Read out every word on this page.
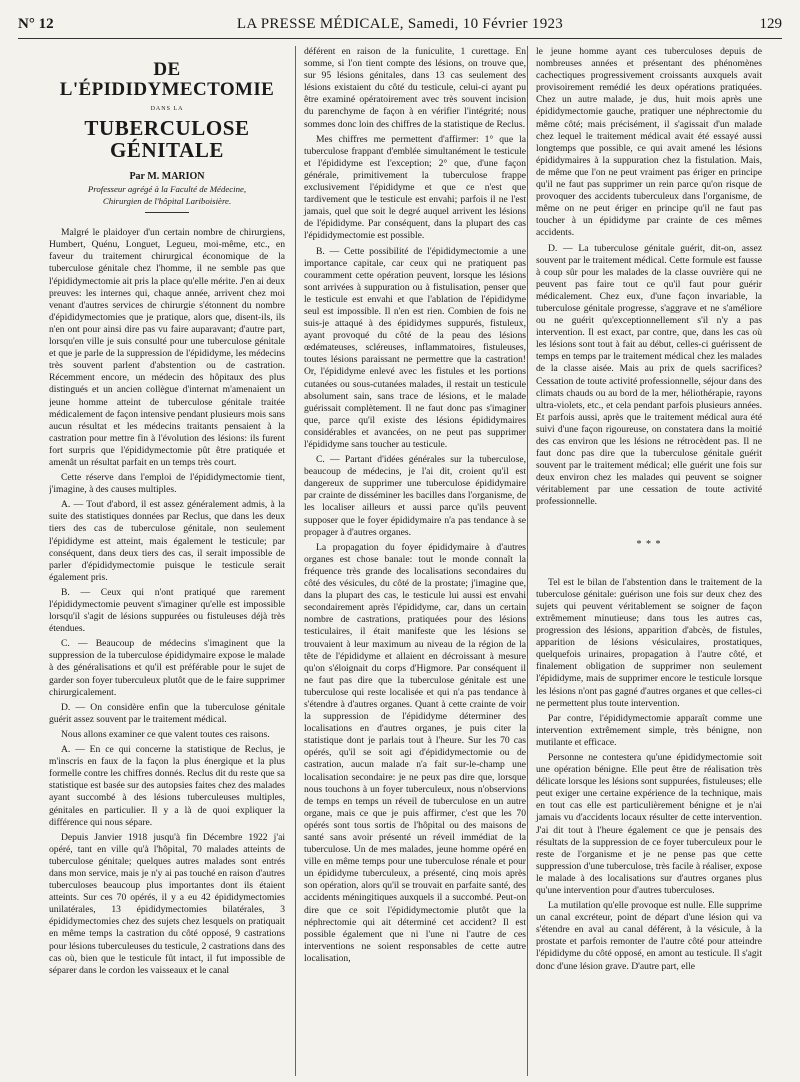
N° 12	LA PRESSE MÉDICALE, Samedi, 10 Février 1923	129
DE L'ÉPIDIDYMECTOMIE
DANS LA
TUBERCULOSE GÉNITALE
Par M. MARION
Professeur agrégé à la Faculté de Médecine,
Chirurgien de l'hôpital Lariboisière.

Malgré le plaidoyer d'un certain nombre de chirurgiens, Humbert, Quénu, Longuet, Legueu, moi-même, etc., en faveur du traitement chirurgical économique de la tuberculose génitale chez l'homme, il ne semble pas que l'épididymectomie ait pris la place qu'elle mérite. J'en ai deux preuves: les internes qui, chaque année, arrivent chez moi venant d'autres services de chirurgie s'étonnent du nombre d'épididymectomies que je pratique, alors que, disent-ils, ils n'en ont pour ainsi dire pas vu faire auparavant; d'autre part, lorsqu'en ville je suis consulté pour une tuberculose génitale et que je parle de la suppression de l'épididyme, les médecins très souvent parlent d'abstention ou de castration. Récemment encore, un médecin des hôpitaux des plus distingués et un ancien collègue d'internat m'amenaient un jeune homme atteint de tuberculose génitale traitée médicalement de façon intensive pendant plusieurs mois sans aucun résultat et les médecins traitants pensaient à la castration pour mettre fin à l'évolution des lésions: ils furent fort surpris que l'épididymectomie pût être pratiquée et amenât un résultat parfait en un temps très court.

Cette réserve dans l'emploi de l'épididymectomie tient, j'imagine, à des causes multiples.

A. — Tout d'abord, il est assez généralement admis, à la suite des statistiques données par Reclus, que dans les deux tiers des cas de tuberculose génitale, non seulement l'épididyme est atteint, mais également le testicule; par conséquent, dans deux tiers des cas, il serait impossible de parler d'épididymectomie puisque le testicule serait également pris.

B. — Ceux qui n'ont pratiqué que rarement l'épididymectomie peuvent s'imaginer qu'elle est impossible lorsqu'il s'agit de lésions suppurées ou fistuleuses déjà très étendues.

C. — Beaucoup de médecins s'imaginent que la suppression de la tuberculose épididymaire expose le malade à des généralisations et qu'il est préférable pour le sujet de garder son foyer tuberculeux plutôt que de le faire supprimer chirurgicalement.

D. — On considère enfin que la tuberculose génitale guérit assez souvent par le traitement médical.

Nous allons examiner ce que valent toutes ces raisons.

A. — En ce qui concerne la statistique de Reclus, je m'inscris en faux de la façon la plus énergique et la plus formelle contre les chiffres donnés. Reclus dit du reste que sa statistique est basée sur des autopsies faites chez des malades ayant succombé à des lésions tuberculeuses multiples, génitales en particulier. Il y a là de quoi expliquer la différence qui nous sépare.

Depuis Janvier 1918 jusqu'à fin Décembre 1922 j'ai opéré, tant en ville qu'à l'hôpital, 70 malades atteints de tuberculose génitale; quelques autres malades sont entrés dans mon service, mais je n'y ai pas touché en raison d'autres tuberculoses beaucoup plus importantes dont ils étaient atteints. Sur ces 70 opérés, il y a eu 42 épididymectomies unilatérales, 13 épididymectomies bilatérales, 3 épididymectomies chez des sujets chez lesquels on pratiquait en même temps la castration du côté opposé, 9 castrations pour lésions tuberculeuses du testicule, 2 castrations dans des cas où, bien que le testicule fût intact, il fut impossible de séparer dans le cordon les vaisseaux et le canal

déférent en raison de la funiculite, 1 curettage. En somme, si l'on tient compte des lésions, on trouve que, sur 95 lésions génitales, dans 13 cas seulement des lésions existaient du côté du testicule, celui-ci ayant pu être examiné opératoirement avec très souvent incision du parenchyme de façon à en vérifier l'intégrité; nous sommes donc loin des chiffres de la statistique de Reclus.

Mes chiffres me permettent d'affirmer: 1° que la tuberculose frappant d'emblée simultanément le testicule et l'épididyme est l'exception; 2° que, d'une façon générale, primitivement la tuberculose frappe exclusivement l'épididyme et que ce n'est que tardivement que le testicule est envahi; parfois il ne l'est jamais, quel que soit le degré auquel arrivent les lésions de l'épididyme. Par conséquent, dans la plupart des cas l'épididymectomie est possible.

B. — Cette possibilité de l'épididymectomie a une importance capitale, car ceux qui ne pratiquent pas couramment cette opération peuvent, lorsque les lésions sont arrivées à suppuration ou à fistulisation, penser que le testicule est envahi et que l'ablation de l'épididyme seul est impossible. Il n'en est rien. Combien de fois ne suis-je attaqué à des épididymes suppurés, fistuleux, ayant provoqué du côté de la peau des lésions œdémateuses, scléreuses, inflammatoires, fistuleuses, toutes lésions paraissant ne permettre que la castration! Or, l'épididyme enlevé avec les fistules et les portions cutanées ou sous-cutanées malades, il restait un testicule absolument sain, sans trace de lésions, et le malade guérissait complètement. Il ne faut donc pas s'imaginer que, parce qu'il existe des lésions épididymaires considérables et avancées, on ne peut pas supprimer l'épididyme sans toucher au testicule.

C. — Partant d'idées générales sur la tuberculose, beaucoup de médecins, je l'ai dit, croient qu'il est dangereux de supprimer une tuberculose épididymaire par crainte de disséminer les bacilles dans l'organisme, de les localiser ailleurs et aussi parce qu'ils peuvent supposer que le foyer épididymaire n'a pas tendance à se propager à d'autres organes.

La propagation du foyer épididymaire à d'autres organes est chose banale: tout le monde connaît la fréquence très grande des localisations secondaires du côté des vésicules, du côté de la prostate; j'imagine que, dans la plupart des cas, le testicule lui aussi est envahi secondairement après l'épididyme, car, dans un certain nombre de castrations, pratiquées pour des lésions testiculaires, il était manifeste que les lésions se trouvaient à leur maximum au niveau de la région de la tête de l'épididyme et allaient en décroissant à mesure qu'on s'éloignait du corps d'Higmore. Par conséquent il ne faut pas dire que la tuberculose génitale est une tuberculose qui reste localisée et qui n'a pas tendance à s'étendre à d'autres organes. Quant à cette crainte de voir la suppression de l'épididyme déterminer des localisations en d'autres organes, je puis citer la statistique dont je parlais tout à l'heure. Sur les 70 cas opérés, qu'il se soit agi d'épididymectomie ou de castration, aucun malade n'a fait sur-le-champ une localisation secondaire: je ne peux pas dire que, lorsque nous touchons à un foyer tuberculeux, nous n'observions de temps en temps un réveil de tuberculose en un autre organe, mais ce que je puis affirmer, c'est que les 70 opérés sont tous sortis de l'hôpital ou des maisons de santé sans avoir présenté un réveil immédiat de la tuberculose. Un de mes malades, jeune homme opéré en ville en même temps pour une tuberculose rénale et pour un épididyme tuberculeux, a présenté, cinq mois après son opération, alors qu'il se trouvait en parfaite santé, des accidents méningitiques auxquels il a succombé. Peut-on dire que ce soit l'épididymectomie plutôt que la néphrectomie qui ait déterminé cet accident? Il est possible également que ni l'une ni l'autre de ces interventions ne soient responsables de cette autre localisation,

le jeune homme ayant ces tuberculoses depuis de nombreuses années et présentant des phénomènes cachectiques progressivement croissants auxquels avait provisoirement remédié les deux opérations pratiquées. Chez un autre malade, je dus, huit mois après une épididymectomie gauche, pratiquer une néphrectomie du même côté; mais précisément, il s'agissait d'un malade chez lequel le traitement médical avait été essayé aussi longtemps que possible, ce qui avait amené les lésions épididymaires à la suppuration chez la fistulation. Mais, de même que l'on ne peut vraiment pas ériger en principe qu'il ne faut pas supprimer un rein parce qu'on risque de provoquer des accidents tuberculeux dans l'organisme, de même on ne peut ériger en principe qu'il ne faut pas toucher à un épididyme par crainte de ces mêmes accidents.

D. — La tuberculose génitale guérit, dit-on, assez souvent par le traitement médical. Cette formule est fausse à coup sûr pour les malades de la classe ouvrière qui ne peuvent pas faire tout ce qu'il faut pour guérir médicalement. Chez eux, d'une façon invariable, la tuberculose génitale progresse, s'aggrave et ne s'améliore ou ne guérit qu'exceptionnellement s'il n'y a pas intervention. Il est exact, par contre, que, dans les cas où les lésions sont tout à fait au début, celles-ci guérissent de temps en temps par le traitement médical chez les malades de la classe aisée. Mais au prix de quels sacrifices? Cessation de toute activité professionnelle, séjour dans des climats chauds ou au bord de la mer, héliothérapie, rayons ultra-violets, etc., et cela pendant parfois plusieurs années. Et parfois aussi, après que le traitement médical aura été suivi d'une façon rigoureuse, on constatera dans la moitié des cas environ que les lésions ne rétrocèdent pas. Il ne faut donc pas dire que la tuberculose génitale guérit souvent par le traitement médical; elle guérit une fois sur deux environ chez les malades qui peuvent se soigner véritablement par une cessation de toute activité professionnelle.

* * *

Tel est le bilan de l'abstention dans le traitement de la tuberculose génitale: guérison une fois sur deux chez des sujets qui peuvent véritablement se soigner de façon extrêmement minutieuse; dans tous les autres cas, progression des lésions, apparition d'abcès, de fistules, apparition de lésions vésiculaires, prostatiques, quelquefois urinaires, propagation à l'autre côté, et finalement obligation de supprimer non seulement l'épididyme, mais de supprimer encore le testicule lorsque les lésions n'ont pas gagné d'autres organes et que celles-ci ne permettent plus toute intervention.

Par contre, l'épididymectomie apparaît comme une intervention extrêmement simple, très bénigne, non mutilante et efficace.

Personne ne contestera qu'une épididymectomie soit une opération bénigne. Elle peut être de réalisation très délicate lorsque les lésions sont suppurées, fistuleuses; elle peut exiger une certaine expérience de la technique, mais en tout cas elle est particulièrement bénigne et je n'ai jamais vu d'accidents locaux résulter de cette intervention. J'ai dit tout à l'heure également ce que je pensais des résultats de la suppression de ce foyer tuberculeux pour le reste de l'organisme et je ne pense pas que cette suppression d'une tuberculose, très facile à réaliser, expose le malade à des localisations sur d'autres organes plus qu'une intervention pour d'autres tuberculoses.

La mutilation qu'elle provoque est nulle. Elle supprime un canal excréteur, point de départ d'une lésion qui va s'étendre en aval au canal déférent, à la vésicule, à la prostate et parfois remonter de l'autre côté pour atteindre l'épididyme du côté opposé, en amont au testicule. Il s'agit donc d'une lésion grave. D'autre part, elle
